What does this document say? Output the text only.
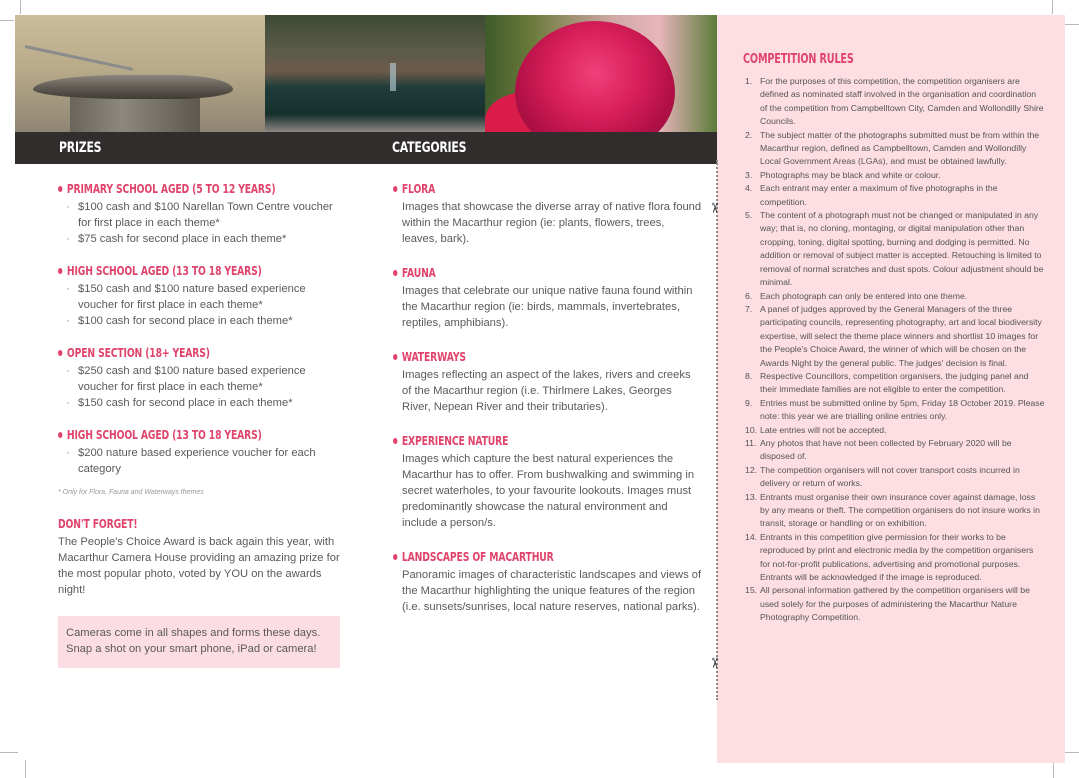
PRIZES	CATEGORIES
PRIMARY SCHOOL AGED (5 TO 12 YEARS)
· $100 cash and $100 Narellan Town Centre voucher for first place in each theme*
· $75 cash for second place in each theme*
HIGH SCHOOL AGED (13 TO 18 YEARS)
· $150 cash and $100 nature based experience voucher for first place in each theme*
· $100 cash for second place in each theme*
OPEN SECTION (18+ YEARS)
· $250 cash and $100 nature based experience voucher for first place in each theme*
· $150 cash for second place in each theme*
HIGH SCHOOL AGED (13 TO 18 YEARS)
· $200 nature based experience voucher for each category
* Only for Flora, Fauna and Waterways themes
DON'T FORGET!

The People's Choice Award is back again this year, with Macarthur Camera House providing an amazing prize for the most popular photo, voted by YOU on the awards night!

Cameras come in all shapes and forms these days. Snap a shot on your smart phone, iPad or camera!

FLORA

Images that showcase the diverse array of native flora found within the Macarthur region (ie: plants, flowers, trees, leaves, bark).

FAUNA

Images that celebrate our unique native fauna found within the Macarthur region (ie: birds, mammals, invertebrates, reptiles, amphibians).

WATERWAYS

Images reflecting an aspect of the lakes, rivers and creeks of the Macarthur region (i.e. Thirlmere Lakes, Georges River, Nepean River and their tributaries).

EXPERIENCE NATURE

Images which capture the best natural experiences the Macarthur has to offer. From bushwalking and swimming in secret waterholes, to your favourite lookouts. Images must predominantly showcase the natural environment and include a person/s.

LANDSCAPES OF MACARTHUR

Panoramic images of characteristic landscapes and views of the Macarthur highlighting the unique features of the region (i.e. sunsets/sunrises, local nature reserves, national parks).

COMPETITION RULES
1. For the purposes of this competition, the competition organisers are defined as nominated staff involved in the organisation and coordination of the competition from Campbelltown City, Camden and Wollondilly Shire Councils.
2. The subject matter of the photographs submitted must be from within the Macarthur region, defined as Campbelltown, Camden and Wollondilly Local Government Areas (LGAs), and must be obtained lawfully.
3. Photographs may be black and white or colour.
4. Each entrant may enter a maximum of five photographs in the competition.
5. The content of a photograph must not be changed or manipulated in any way; that is, no cloning, montaging, or digital manipulation other than cropping, toning, digital spotting, burning and dodging is permitted. No addition or removal of subject matter is accepted. Retouching is limited to removal of normal scratches and dust spots. Colour adjustment should be minimal.
6. Each photograph can only be entered into one theme.
7. A panel of judges approved by the General Managers of the three participating councils, representing photography, art and local biodiversity expertise, will select the theme place winners and shortlist 10 images for the People's Choice Award, the winner of which will be chosen on the Awards Night by the general public. The judges' decision is final.
8. Respective Councillors, competition organisers, the judging panel and their immediate families are not eligible to enter the competition.
9. Entries must be submitted online by 5pm, Friday 18 October 2019. Please note: this year we are trialling online entries only.
10. Late entries will not be accepted.
11. Any photos that have not been collected by February 2020 will be disposed of.
12. The competition organisers will not cover transport costs incurred in delivery or return of works.
13. Entrants must organise their own insurance cover against damage, loss by any means or theft. The competition organisers do not insure works in transit, storage or handling or on exhibition.
14. Entrants in this competition give permission for their works to be reproduced by print and electronic media by the competition organisers for not-for-profit publications, advertising and promotional purposes. Entrants will be acknowledged if the image is reproduced.
15. All personal information gathered by the competition organisers will be used solely for the purposes of administering the Macarthur Nature Photography Competition.
✂
✂
